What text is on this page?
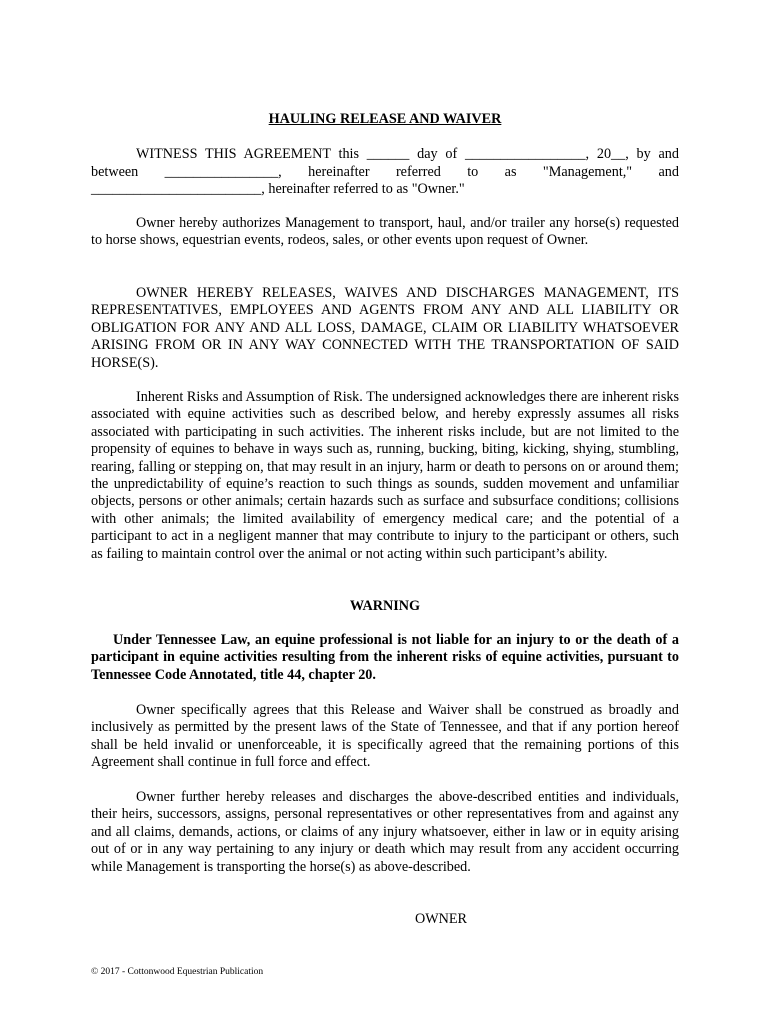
HAULING RELEASE AND WAIVER

WITNESS THIS AGREEMENT this ______ day of _________________, 20__, by and

between ________________, hereinafter referred to as "Management," and

________________________, hereinafter referred to as "Owner."

Owner hereby authorizes Management to transport, haul, and/or trailer any horse(s) requested to horse shows, equestrian events, rodeos, sales, or other events upon request of Owner.

OWNER HEREBY RELEASES, WAIVES AND DISCHARGES MANAGEMENT, ITS REPRESENTATIVES, EMPLOYEES AND AGENTS FROM ANY AND ALL LIABILITY OR OBLIGATION FOR ANY AND ALL LOSS, DAMAGE, CLAIM OR LIABILITY WHATSOEVER ARISING FROM OR IN ANY WAY CONNECTED WITH THE TRANSPORTATION OF SAID HORSE(S).

Inherent Risks and Assumption of Risk. The undersigned acknowledges there are inherent risks associated with equine activities such as described below, and hereby expressly assumes all risks associated with participating in such activities. The inherent risks include, but are not limited to the propensity of equines to behave in ways such as, running, bucking, biting, kicking, shying, stumbling, rearing, falling or stepping on, that may result in an injury, harm or death to persons on or around them; the unpredictability of equine’s reaction to such things as sounds, sudden movement and unfamiliar objects, persons or other animals; certain hazards such as surface and subsurface conditions; collisions with other animals; the limited availability of emergency medical care; and the potential of a participant to act in a negligent manner that may contribute to injury to the participant or others, such as failing to maintain control over the animal or not acting within such participant’s ability.

WARNING

Under Tennessee Law, an equine professional is not liable for an injury to or the death of a participant in equine activities resulting from the inherent risks of equine activities, pursuant to Tennessee Code Annotated, title 44, chapter 20.

Owner specifically agrees that this Release and Waiver shall be construed as broadly and inclusively as permitted by the present laws of the State of Tennessee, and that if any portion hereof shall be held invalid or unenforceable, it is specifically agreed that the remaining portions of this Agreement shall continue in full force and effect.

Owner further hereby releases and discharges the above-described entities and individuals, their heirs, successors, assigns, personal representatives or other representatives from and against any and all claims, demands, actions, or claims of any injury whatsoever, either in law or in equity arising out of or in any way pertaining to any injury or death which may result from any accident occurring while Management is transporting the horse(s) as above-described.

OWNER
© 2017 - Cottonwood Equestrian Publication
